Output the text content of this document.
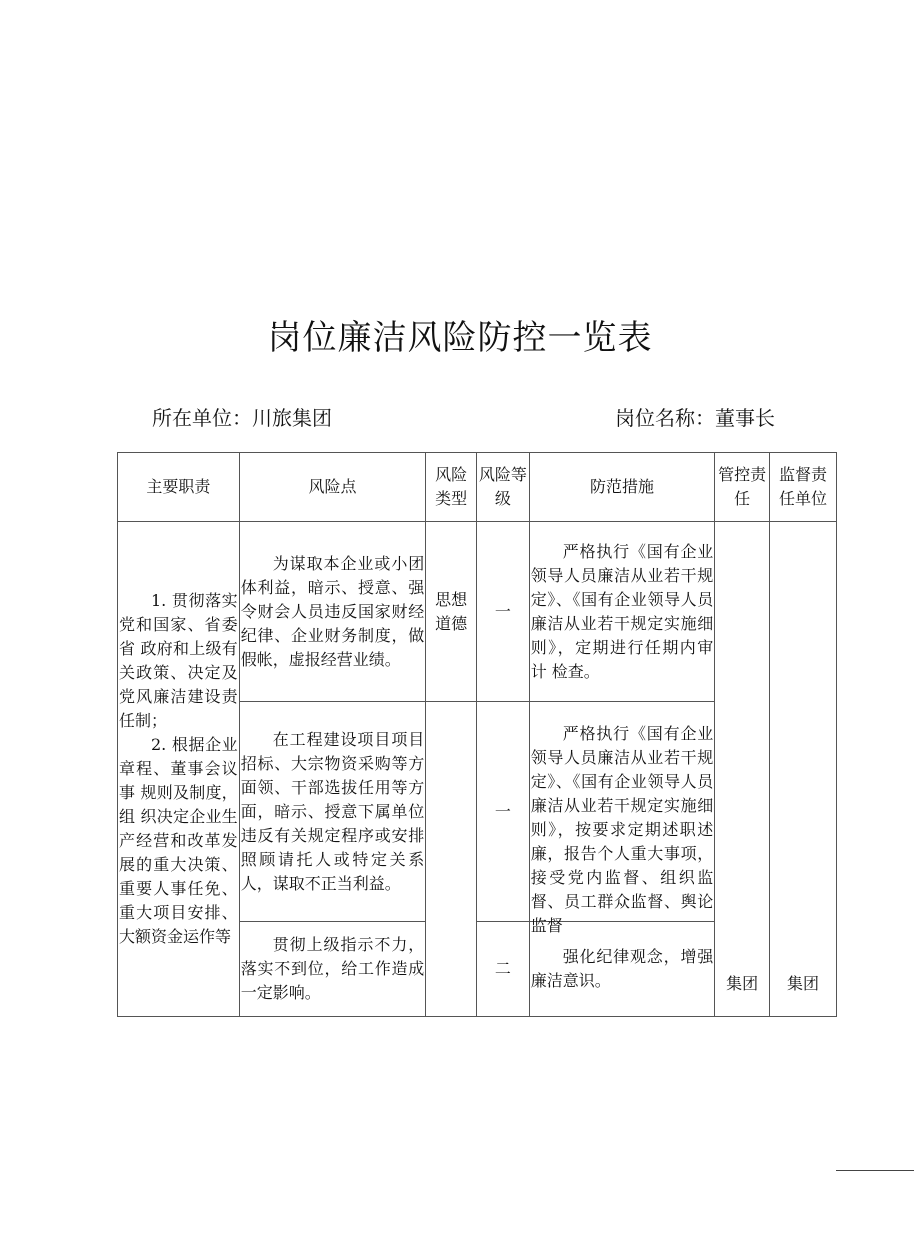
岗位廉洁风险防控一览表
所在单位：川旅集团	岗位名称：董事长
主要职责	风险点	风险类型	风险等级	防范措施	管控责 任	监督责任单位

1. 贯彻落实党和国家、省委省 政府和上级有关政策、决定及党风廉洁建设责任制；
2. 根据企业 章程、董事会议事 规则及制度，组 织决定企业生产经营和改革发展的重大决策、重要人事任免、重大项目安排、大额资金运作等	为谋取本企业或小团体利益，暗示、授意、强令财会人员违反国家财经纪律、企业财务制度，做假帐，虚报经营业绩。	思想道德	一	严格执行《国有企业领导人员廉洁从业若干规 定》、《国有企业领导人员廉洁从业若干规定实施细 则》，定期进行任期内审计 检查。	集团	集团
	在工程建设项目项目招标、大宗物资采购等方面领、干部选拔任用等方面，暗示、授意下属单位违反有关规定程序或安排照顾请托人或特定关系人，谋取不正当利益。		一	严格执行《国有企业领导人员廉洁从业若干规 定》、《国有企业领导人员廉洁从业若干规定实施细 则》，按要求定期述职述廉，报告个人重大事项，接受党内监督、组织监督、员工群众监督、舆论监督		

	贯彻上级指示不力，落实不到位，给工作造成一定影响。		二	强化纪律观念，增强廉洁意识。		
